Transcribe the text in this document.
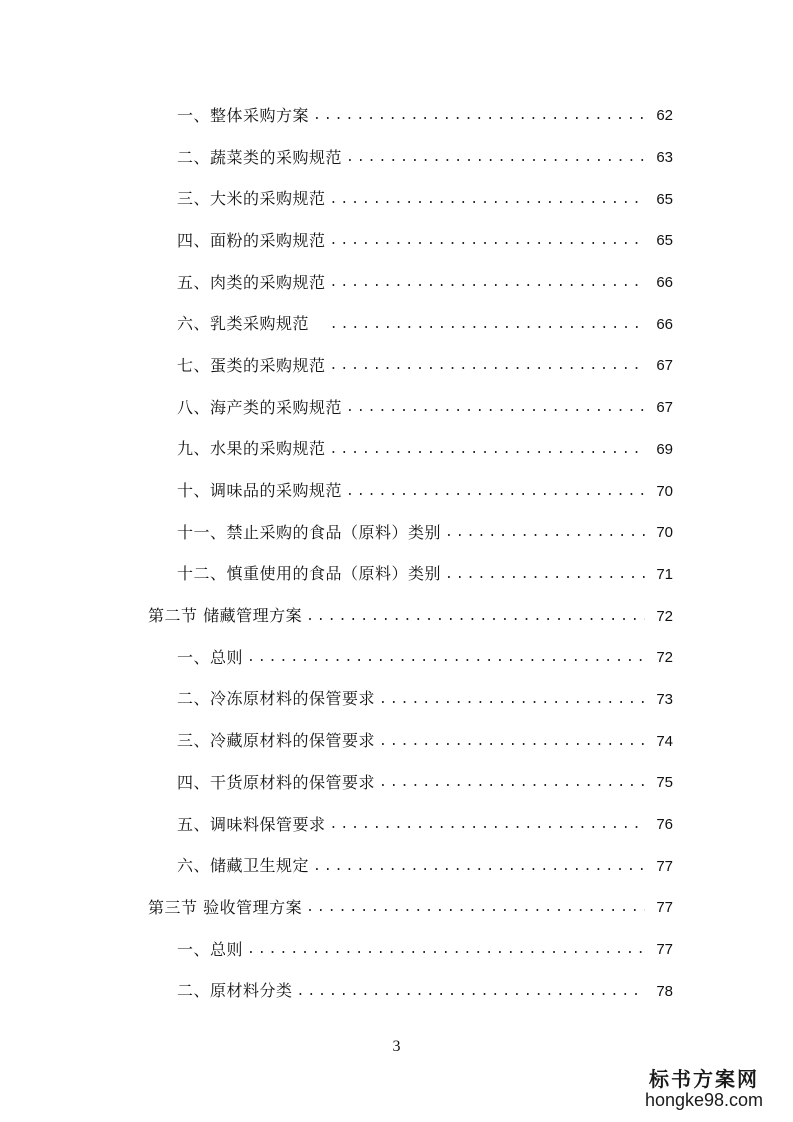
一、整体采购方案 .....	62
二、蔬菜类的采购规范 .....	63
三、大米的采购规范 .....	65
四、面粉的采购规范 .....	65
五、肉类的采购规范 .....	66
六、乳类采购规范 .....	66
七、蛋类的采购规范 .....	67
八、海产类的采购规范 .....	67
九、水果的采购规范 .....	69
十、调味品的采购规范 .....	70
十一、禁止采购的食品（原料）类别 .....	70
十二、慎重使用的食品（原料）类别 .....	71
第二节 储藏管理方案 .....	72
一、总则 .....	72
二、冷冻原材料的保管要求 .....	73
三、冷藏原材料的保管要求 .....	74
四、干货原材料的保管要求 .....	75
五、调味料保管要求 .....	76
六、储藏卫生规定 .....	77
第三节 验收管理方案 .....	77
一、总则 .....	77
二、原材料分类 .....	78
3
标书方案网
hongke98.com
